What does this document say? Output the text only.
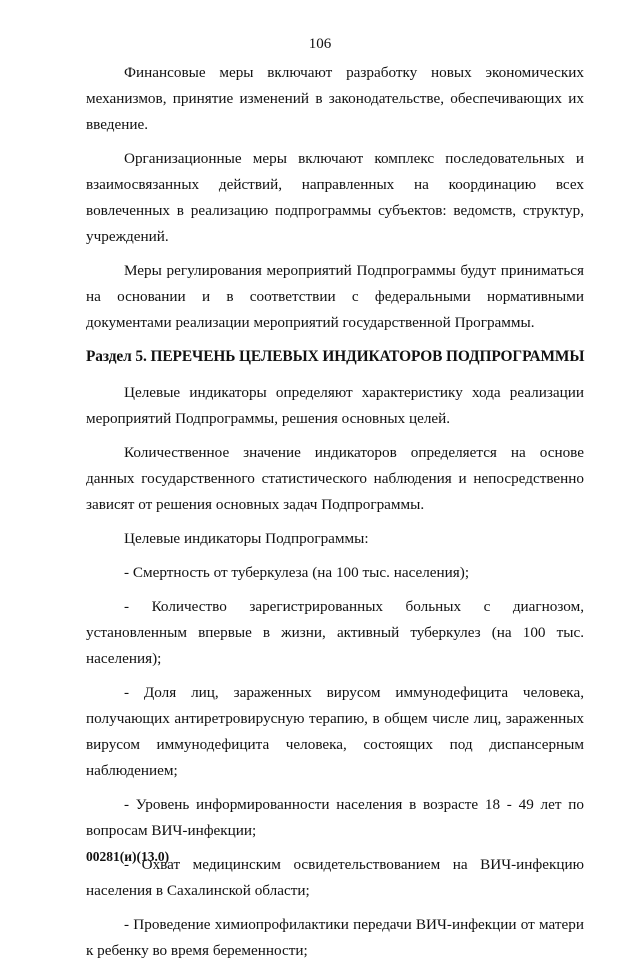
106

Финансовые меры включают разработку новых экономических механизмов, принятие изменений в законодательстве, обеспечивающих их введение.

Организационные меры включают комплекс последовательных и взаимосвязанных действий, направленных на координацию всех вовлеченных в реализацию подпрограммы субъектов: ведомств, структур, учреждений.

Меры регулирования мероприятий Подпрограммы будут приниматься на основании и в соответствии с федеральными нормативными документами реализации мероприятий государственной Программы.

Раздел 5. ПЕРЕЧЕНЬ ЦЕЛЕВЫХ ИНДИКАТОРОВ ПОДПРОГРАММЫ

Целевые индикаторы определяют характеристику хода реализации мероприятий Подпрограммы, решения основных целей.

Количественное значение индикаторов определяется на основе данных государственного статистического наблюдения и непосредственно зависят от решения основных задач Подпрограммы.

Целевые индикаторы Подпрограммы:

- Смертность от туберкулеза (на 100 тыс. населения);

- Количество зарегистрированных больных с диагнозом, установленным впервые в жизни, активный туберкулез (на 100 тыс. населения);

- Доля лиц, зараженных вирусом иммунодефицита человека, получающих антиретровирусную терапию, в общем числе лиц, зараженных вирусом иммунодефицита человека, состоящих под диспансерным наблюдением;

- Уровень информированности населения в возрасте 18 - 49 лет по вопросам ВИЧ-инфекции;

- Охват медицинским освидетельствованием на ВИЧ-инфекцию населения в Сахалинской области;

- Проведение химиопрофилактики передачи ВИЧ-инфекции от матери к ребенку во время беременности;

00281(и)(13.0)
